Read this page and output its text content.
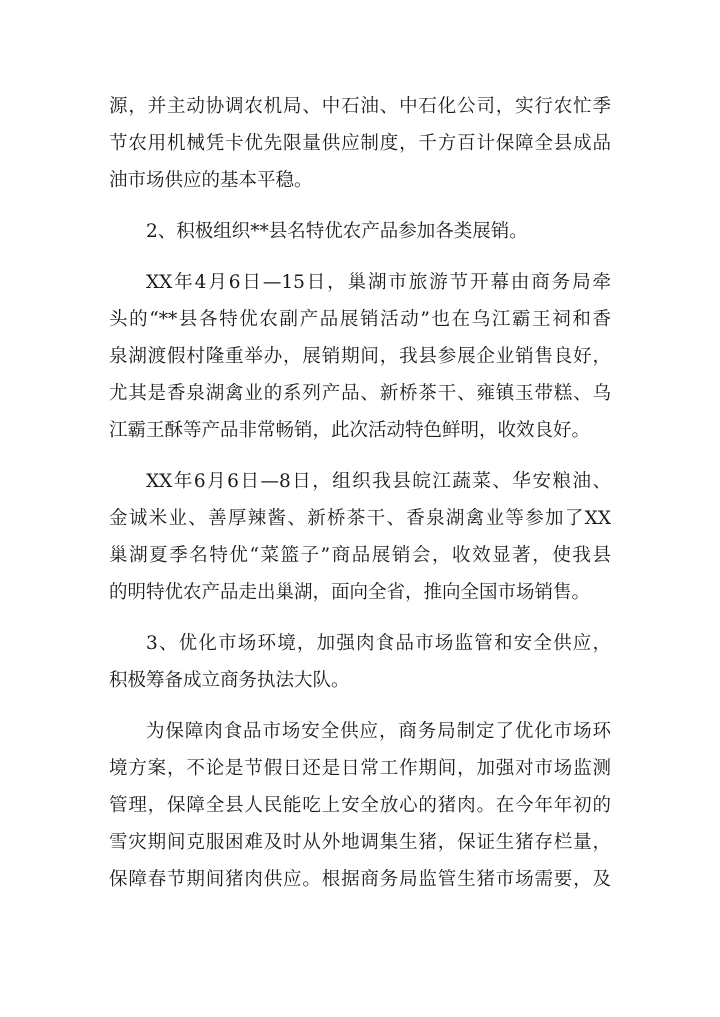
源，并主动协调农机局、中石油、中石化公司，实行农忙季
节农用机械凭卡优先限量供应制度，千方百计保障全县成品
油市场供应的基本平稳。
2、积极组织**县名特优农产品参加各类展销。
XX年4月6日—15日，巢湖市旅游节开幕由商务局牵
头的“**县各特优农副产品展销活动”也在乌江霸王祠和香
泉湖渡假村隆重举办，展销期间，我县参展企业销售良好，
尤其是香泉湖禽业的系列产品、新桥茶干、雍镇玉带糕、乌
江霸王酥等产品非常畅销，此次活动特色鲜明，收效良好。
XX年6月6日—8日，组织我县皖江蔬菜、华安粮油、
金诚米业、善厚辣酱、新桥茶干、香泉湖禽业等参加了XX
巢湖夏季名特优“菜篮子”商品展销会，收效显著，使我县
的明特优农产品走出巢湖，面向全省，推向全国市场销售。
3、优化市场环境，加强肉食品市场监管和安全供应，
积极筹备成立商务执法大队。
为保障肉食品市场安全供应，商务局制定了优化市场环
境方案，不论是节假日还是日常工作期间，加强对市场监测
管理，保障全县人民能吃上安全放心的猪肉。在今年年初的
雪灾期间克服困难及时从外地调集生猪，保证生猪存栏量，
保障春节期间猪肉供应。根据商务局监管生猪市场需要，及
